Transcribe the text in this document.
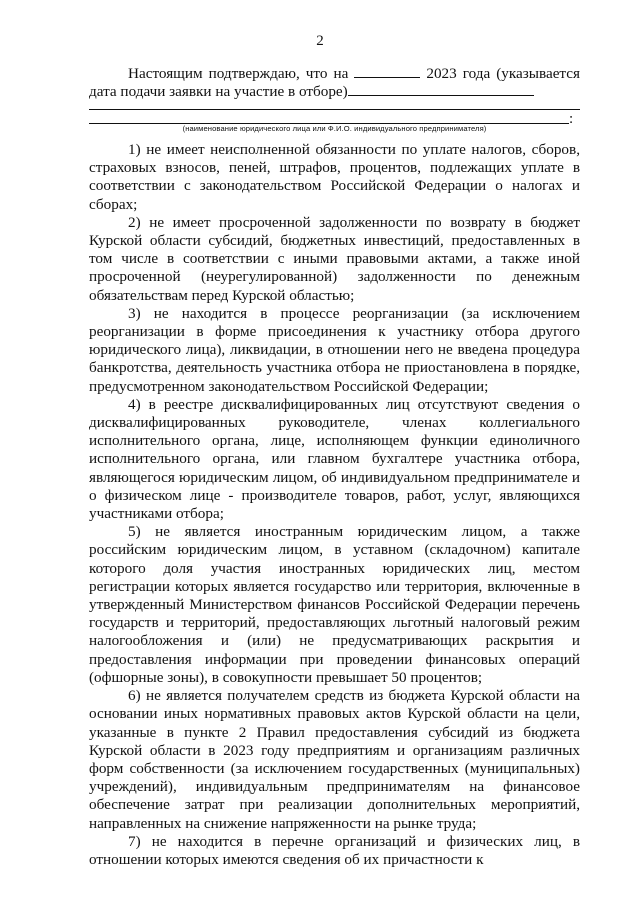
2

Настоящим подтверждаю, что на	2023 года (указывается дата подачи заявки на участие в отборе)

:
(наименование юридического лица или Ф.И.О. индивидуального предпринимателя)

1) не имеет неисполненной обязанности по уплате налогов, сборов, страховых взносов, пеней, штрафов, процентов, подлежащих уплате в соответствии с законодательством Российской Федерации о налогах и сборах;

2) не имеет просроченной задолженности по возврату в бюджет Курской области субсидий, бюджетных инвестиций, предоставленных в том числе в соответствии с иными правовыми актами, а также иной просроченной (неурегулированной) задолженности по денежным обязательствам перед Курской областью;

3) не находится в процессе реорганизации (за исключением реорганизации в форме присоединения к участнику отбора другого юридического лица), ликвидации, в отношении него не введена процедура банкротства, деятельность участника отбора не приостановлена в порядке, предусмотренном законодательством Российской Федерации;

4) в реестре дисквалифицированных лиц отсутствуют сведения о дисквалифицированных руководителе, членах коллегиального исполнительного органа, лице, исполняющем функции единоличного исполнительного органа, или главном бухгалтере участника отбора, являющегося юридическим лицом, об индивидуальном предпринимателе и о физическом лице - производителе товаров, работ, услуг, являющихся участниками отбора;

5) не является иностранным юридическим лицом, а также российским юридическим лицом, в уставном (складочном) капитале которого доля участия иностранных юридических лиц, местом регистрации которых является государство или территория, включенные в утвержденный Министерством финансов Российской Федерации перечень государств и территорий, предоставляющих льготный налоговый режим налогообложения и (или) не предусматривающих раскрытия и предоставления информации при проведении финансовых операций (офшорные зоны), в совокупности превышает 50 процентов;

6) не является получателем средств из бюджета Курской области на основании иных нормативных правовых актов Курской области на цели, указанные в пункте 2 Правил предоставления субсидий из бюджета Курской области в 2023 году предприятиям и организациям различных форм собственности (за исключением государственных (муниципальных) учреждений), индивидуальным предпринимателям на финансовое обеспечение затрат при реализации дополнительных мероприятий, направленных на снижение напряженности на рынке труда;

7) не находится в перечне организаций и физических лиц, в отношении которых имеются сведения об их причастности к
